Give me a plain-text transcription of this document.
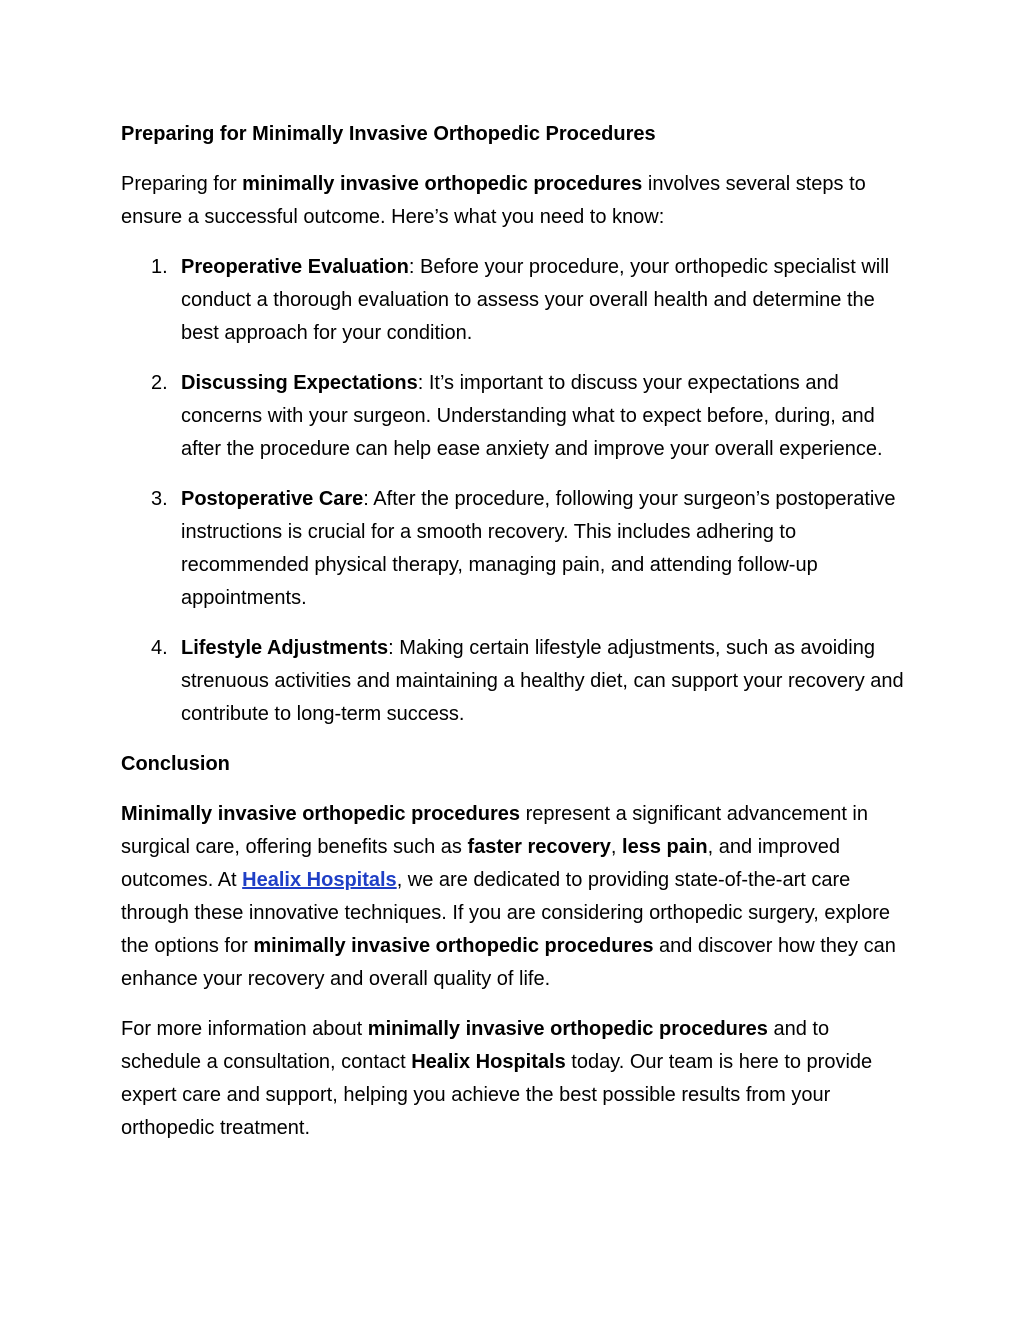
Preparing for Minimally Invasive Orthopedic Procedures

Preparing for minimally invasive orthopedic procedures involves several steps to ensure a successful outcome. Here’s what you need to know:

1. Preoperative Evaluation: Before your procedure, your orthopedic specialist will conduct a thorough evaluation to assess your overall health and determine the best approach for your condition.
2. Discussing Expectations: It’s important to discuss your expectations and concerns with your surgeon. Understanding what to expect before, during, and after the procedure can help ease anxiety and improve your overall experience.
3. Postoperative Care: After the procedure, following your surgeon’s postoperative instructions is crucial for a smooth recovery. This includes adhering to recommended physical therapy, managing pain, and attending follow-up appointments.
4. Lifestyle Adjustments: Making certain lifestyle adjustments, such as avoiding strenuous activities and maintaining a healthy diet, can support your recovery and contribute to long-term success.
Conclusion

Minimally invasive orthopedic procedures represent a significant advancement in surgical care, offering benefits such as faster recovery, less pain, and improved outcomes. At Healix Hospitals, we are dedicated to providing state-of-the-art care through these innovative techniques. If you are considering orthopedic surgery, explore the options for minimally invasive orthopedic procedures and discover how they can enhance your recovery and overall quality of life.

For more information about minimally invasive orthopedic procedures and to schedule a consultation, contact Healix Hospitals today. Our team is here to provide expert care and support, helping you achieve the best possible results from your orthopedic treatment.
